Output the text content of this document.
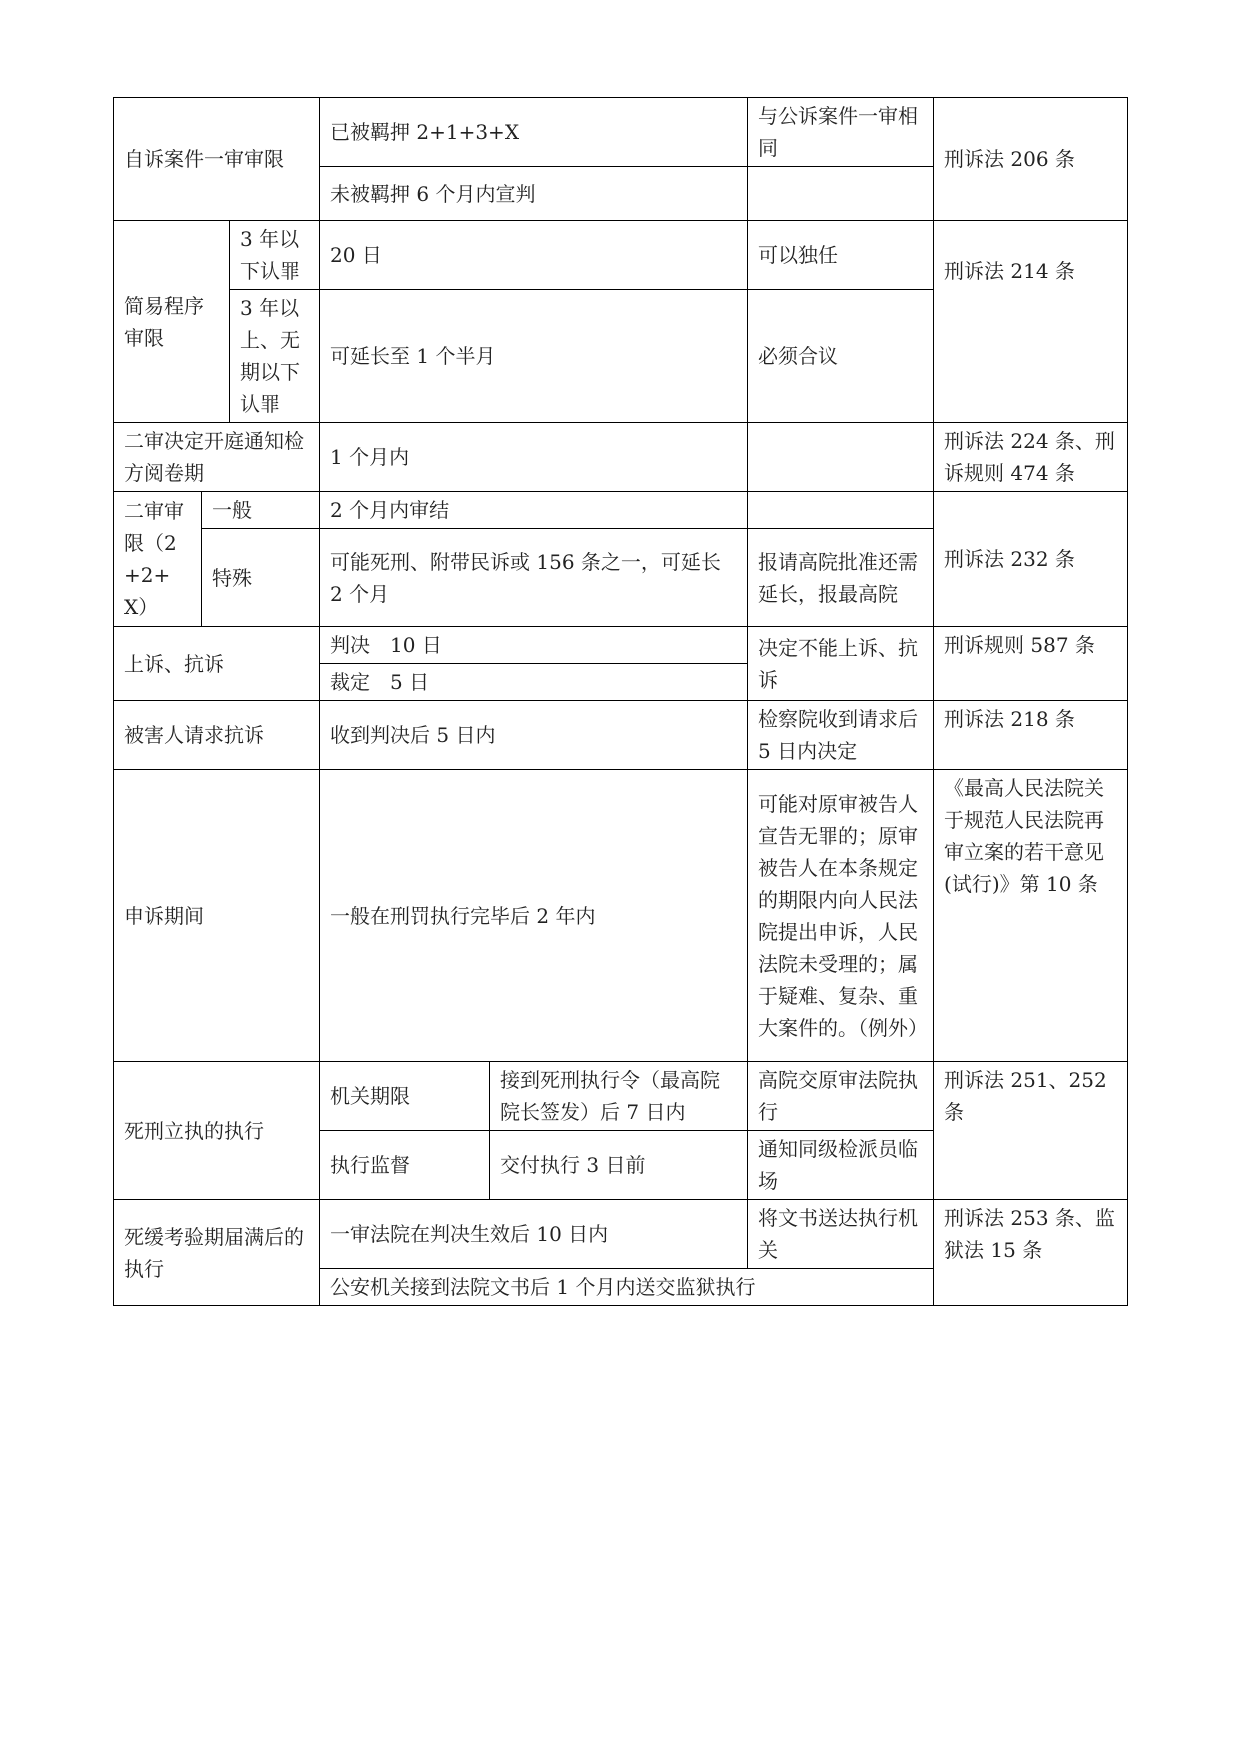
自诉案件一审审限			已被羁押 2+1+3+X		与公诉案件一审相同	刑诉法 206 条
			未被羁押 6 个月内宣判			
简易程序审限		3 年以下认罪	20 日		可以独任	刑诉法 214 条
		3 年以上、无期以下认罪	可延长至 1 个半月		必须合议	
二审决定开庭通知检方阅卷期			1 个月内			刑诉法 224 条、刑诉规则 474 条
二审审限（2+2+X）	一般		2 个月内审结			刑诉法 232 条
	特殊		可能死刑、附带民诉或 156 条之一，可延长 2 个月		报请高院批准还需延长，报最高院	
上诉、抗诉			判决　10 日		决定不能上诉、抗诉	刑诉规则 587 条
			裁定　5 日			
被害人请求抗诉			收到判决后 5 日内		检察院收到请求后 5 日内决定	刑诉法 218 条
申诉期间			一般在刑罚执行完毕后 2 年内		可能对原审被告人宣告无罪的；原审被告人在本条规定的期限内向人民法院提出申诉，人民法院未受理的；属于疑难、复杂、重大案件的。（例外）	《最高人民法院关于规范人民法院再审立案的若干意见(试行)》第 10 条
死刑立执的执行			机关期限	接到死刑执行令（最高院院长签发）后 7 日内	高院交原审法院执行	刑诉法 251、252 条
			执行监督	交付执行 3 日前	通知同级检派员临场	
死缓考验期届满后的执行			一审法院在判决生效后 10 日内		将文书送达执行机关	刑诉法 253 条、监狱法 15 条
			公安机关接到法院文书后 1 个月内送交监狱执行			
